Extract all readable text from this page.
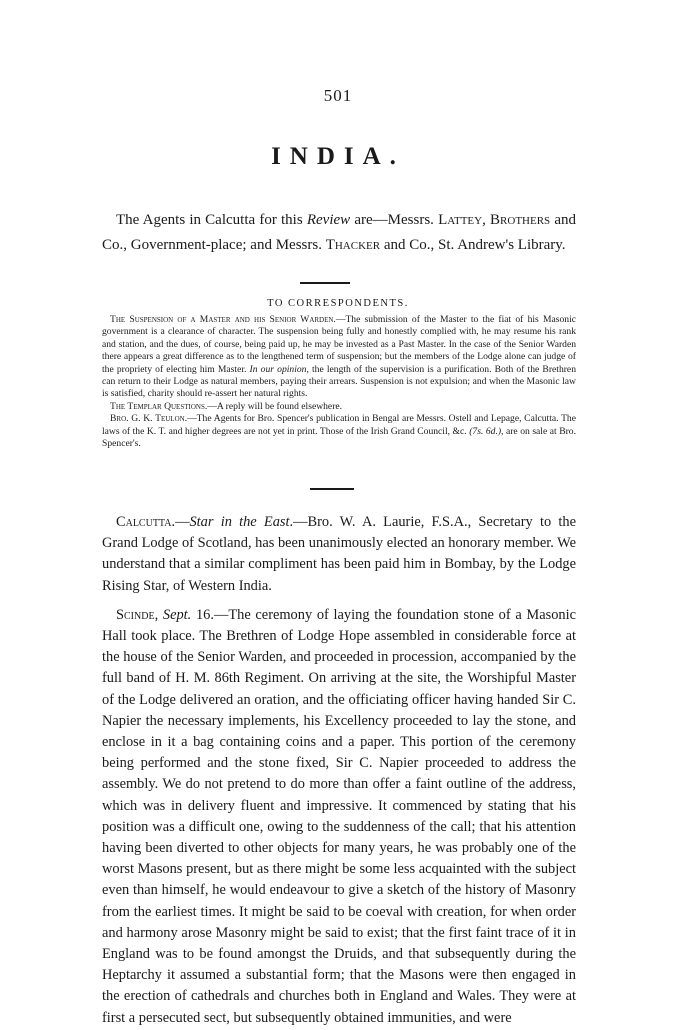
501
INDIA.
The Agents in Calcutta for this Review are—Messrs. Lattey, Brothers and Co., Government-place; and Messrs. Thacker and Co., St. Andrew's Library.
TO CORRESPONDENTS.

The Suspension of a Master and his Senior Warden.—The submission of the Master to the fiat of his Masonic government is a clearance of character. The suspension being fully and honestly complied with, he may resume his rank and station, and the dues, of course, being paid up, he may be invested as a Past Master. In the case of the Senior Warden there appears a great difference as to the lengthened term of suspension; but the members of the Lodge alone can judge of the propriety of electing him Master. In our opinion, the length of the supervision is a purification. Both of the Brethren can return to their Lodge as natural members, paying their arrears. Suspension is not expulsion; and when the Masonic law is satisfied, charity should re-assert her natural rights.

The Templar Questions.—A reply will be found elsewhere.

Bro. G. K. Teulon.—The Agents for Bro. Spencer's publication in Bengal are Messrs. Ostell and Lepage, Calcutta. The laws of the K. T. and higher degrees are not yet in print. Those of the Irish Grand Council, &c. (7s. 6d.), are on sale at Bro. Spencer's.

Calcutta.—Star in the East.—Bro. W. A. Laurie, F.S.A., Secretary to the Grand Lodge of Scotland, has been unanimously elected an honorary member. We understand that a similar compliment has been paid him in Bombay, by the Lodge Rising Star, of Western India.

Scinde, Sept. 16.—The ceremony of laying the foundation stone of a Masonic Hall took place. The Brethren of Lodge Hope assembled in considerable force at the house of the Senior Warden, and proceeded in procession, accompanied by the full band of H. M. 86th Regiment. On arriving at the site, the Worshipful Master of the Lodge delivered an oration, and the officiating officer having handed Sir C. Napier the necessary implements, his Excellency proceeded to lay the stone, and enclose in it a bag containing coins and a paper. This portion of the ceremony being performed and the stone fixed, Sir C. Napier proceeded to address the assembly. We do not pretend to do more than offer a faint outline of the address, which was in delivery fluent and impressive. It commenced by stating that his position was a difficult one, owing to the suddenness of the call; that his attention having been diverted to other objects for many years, he was probably one of the worst Masons present, but as there might be some less acquainted with the subject even than himself, he would endeavour to give a sketch of the history of Masonry from the earliest times. It might be said to be coeval with creation, for when order and harmony arose Masonry might be said to exist; that the first faint trace of it in England was to be found amongst the Druids, and that subsequently during the Heptarchy it assumed a substantial form; that the Masons were then engaged in the erection of cathedrals and churches both in England and Wales. They were at first a persecuted sect, but subsequently obtained immunities, and were
